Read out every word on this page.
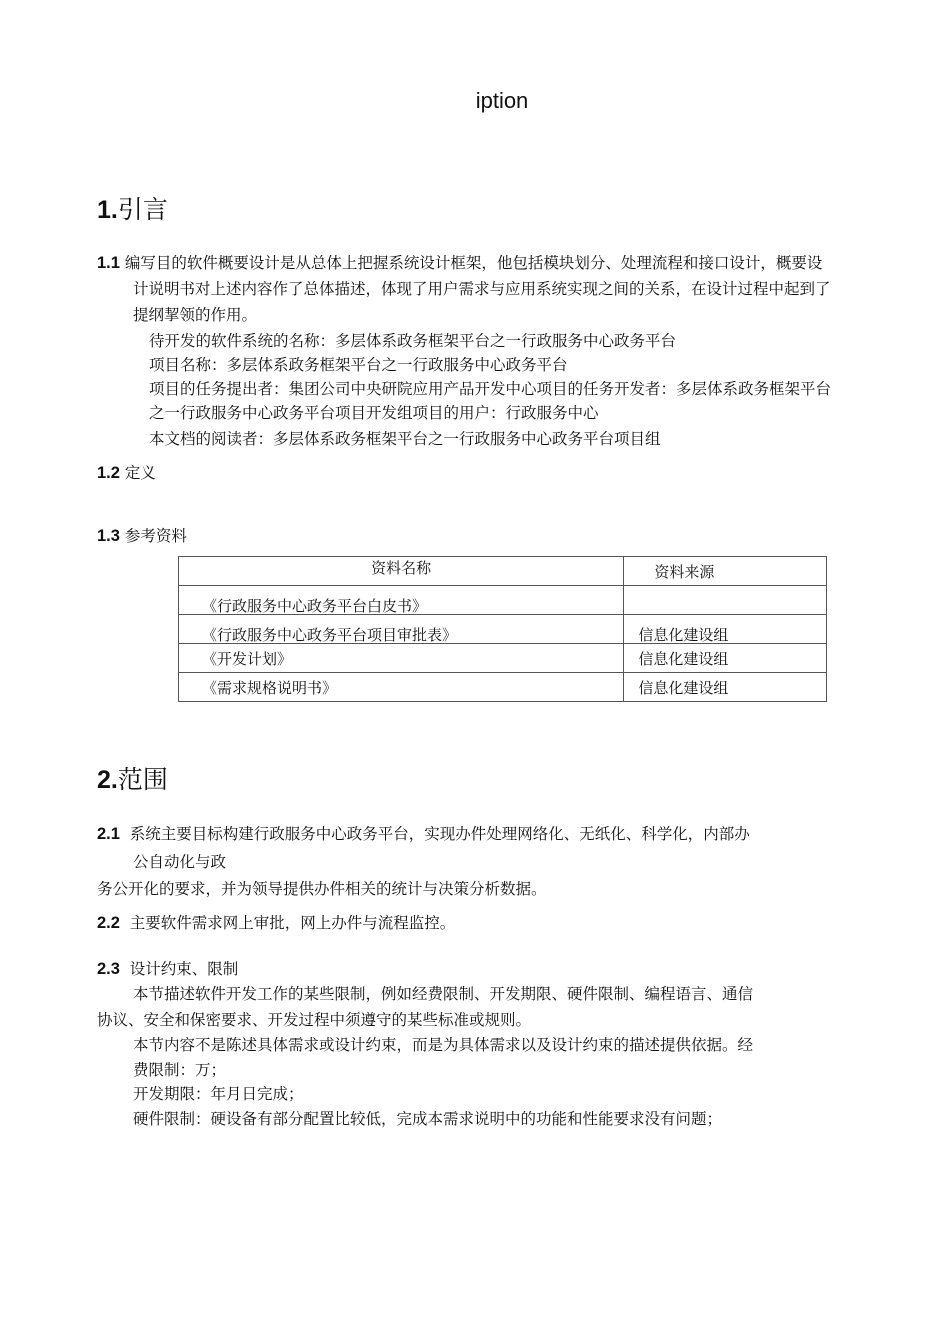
iption
1.引言
1.1 编写目的软件概要设计是从总体上把握系统设计框架，他包括模块划分、处理流程和接口设计，概要设
计说明书对上述内容作了总体描述，体现了用户需求与应用系统实现之间的关系，在设计过程中起到了
提纲挈领的作用。
待开发的软件系统的名称：多层体系政务框架平台之一行政服务中心政务平台
项目名称：多层体系政务框架平台之一行政服务中心政务平台
项目的任务提出者：集团公司中央研院应用产品开发中心项目的任务开发者：多层体系政务框架平台
之一行政服务中心政务平台项目开发组项目的用户：行政服务中心
本文档的阅读者：多层体系政务框架平台之一行政服务中心政务平台项目组
1.2 定义
1.3 参考资料
资料名称	资料来源

《行政服务中心政务平台白皮书》	

《行政服务中心政务平台项目审批表》	信息化建设组

《开发计划》	信息化建设组

《需求规格说明书》	信息化建设组
2.范围
2.1 系统主要目标构建行政服务中心政务平台，实现办件处理网络化、无纸化、科学化，内部办
公自动化与政
务公开化的要求，并为领导提供办件相关的统计与决策分析数据。
2.2 主要软件需求网上审批，网上办件与流程监控。
2.3 设计约束、限制
本节描述软件开发工作的某些限制，例如经费限制、开发期限、硬件限制、编程语言、通信
协议、安全和保密要求、开发过程中须遵守的某些标准或规则。
本节内容不是陈述具体需求或设计约束，而是为具体需求以及设计约束的描述提供依据。经
费限制：万；
开发期限：年月日完成；
硬件限制：硬设备有部分配置比较低，完成本需求说明中的功能和性能要求没有问题；
